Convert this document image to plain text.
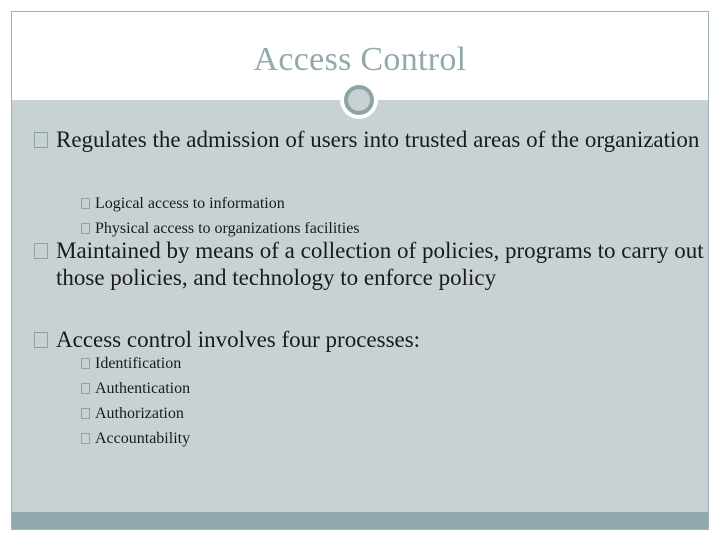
Access Control
Regulates the admission of users into trusted areas of the organization
Logical access to information
Physical access to organizations facilities
Maintained by means of a collection of policies, programs to carry out those policies, and technology to enforce policy
Access control involves four processes:
Identification
Authentication
Authorization
Accountability
